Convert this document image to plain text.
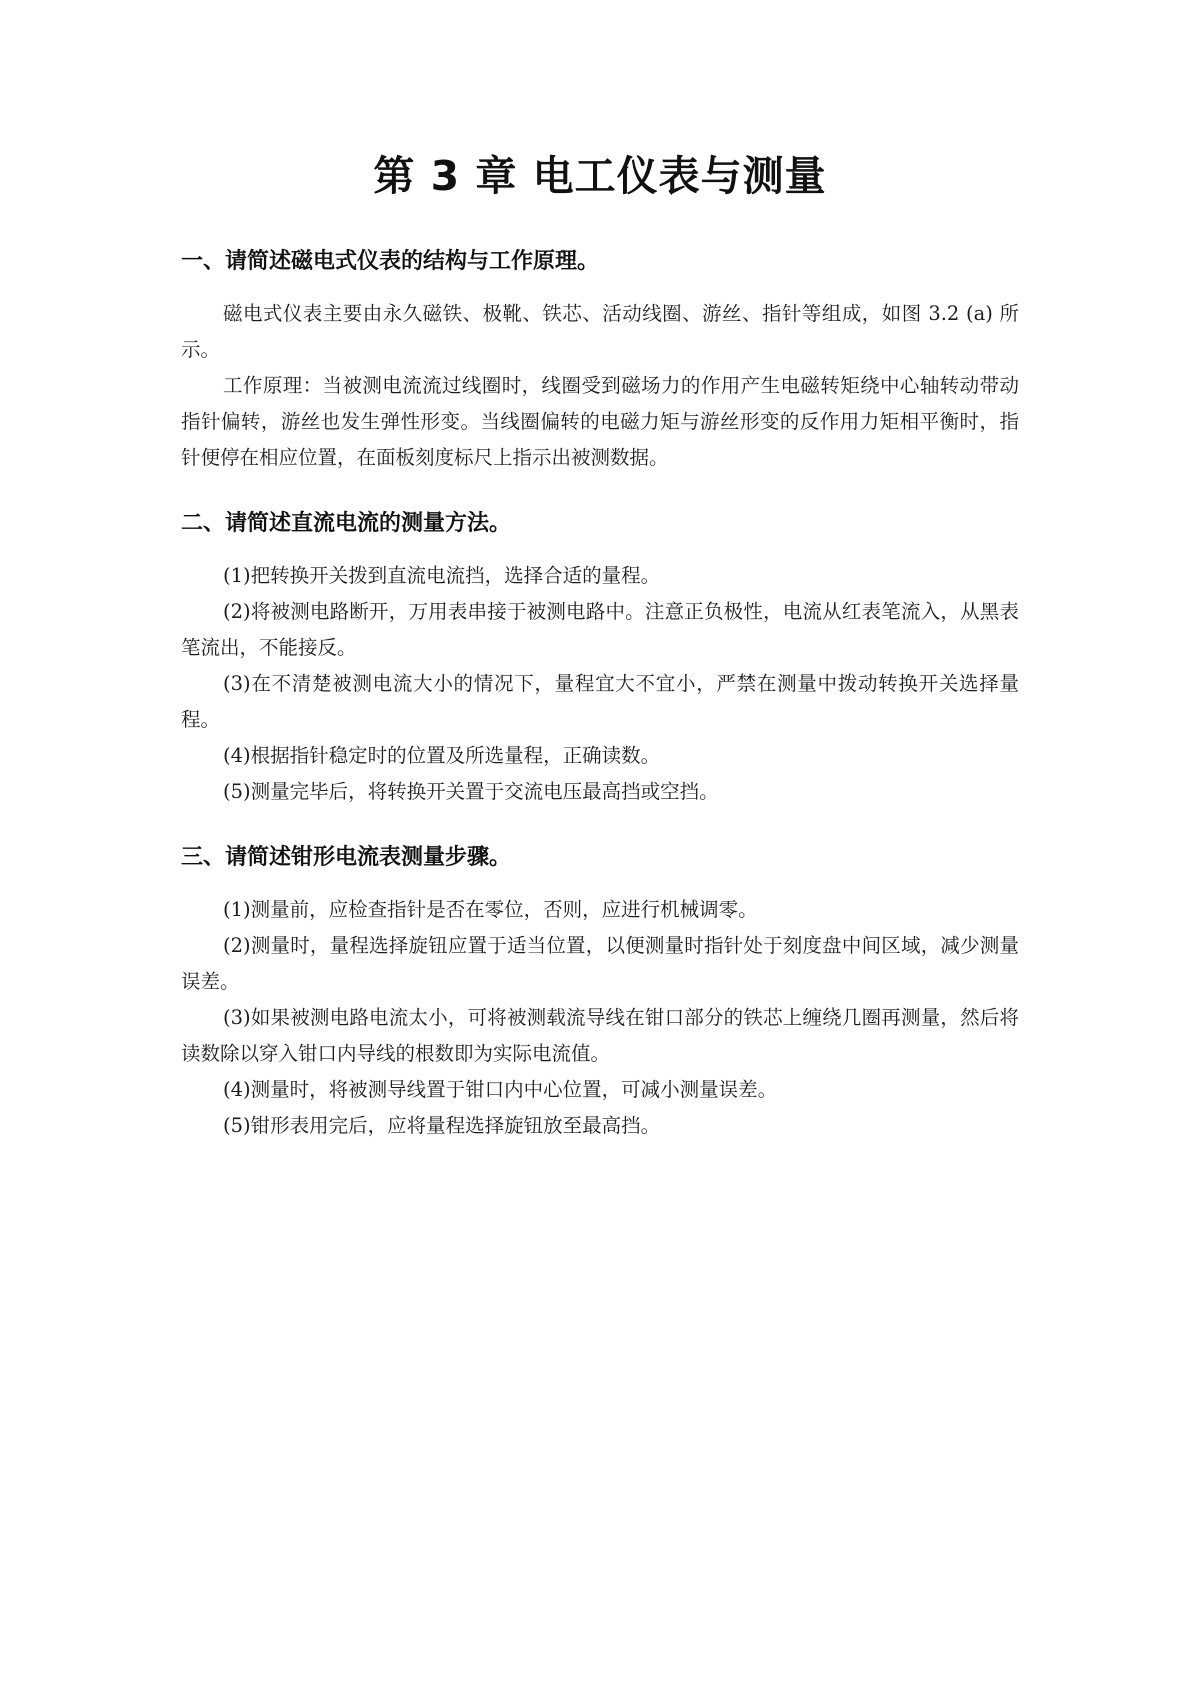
第 3 章 电工仪表与测量
一、请简述磁电式仪表的结构与工作原理。

磁电式仪表主要由永久磁铁、极靴、铁芯、活动线圈、游丝、指针等组成，如图 3.2 (a) 所示。

工作原理：当被测电流流过线圈时，线圈受到磁场力的作用产生电磁转矩绕中心轴转动带动指针偏转，游丝也发生弹性形变。当线圈偏转的电磁力矩与游丝形变的反作用力矩相平衡时，指针便停在相应位置，在面板刻度标尺上指示出被测数据。

二、请简述直流电流的测量方法。

(1)把转换开关拨到直流电流挡，选择合适的量程。

(2)将被测电路断开，万用表串接于被测电路中。注意正负极性，电流从红表笔流入，从黑表笔流出，不能接反。

(3)在不清楚被测电流大小的情况下，量程宜大不宜小，严禁在测量中拨动转换开关选择量程。

(4)根据指针稳定时的位置及所选量程，正确读数。

(5)测量完毕后，将转换开关置于交流电压最高挡或空挡。

三、请简述钳形电流表测量步骤。

(1)测量前，应检查指针是否在零位，否则，应进行机械调零。

(2)测量时，量程选择旋钮应置于适当位置，以便测量时指针处于刻度盘中间区域，减少测量误差。

(3)如果被测电路电流太小，可将被测载流导线在钳口部分的铁芯上缠绕几圈再测量，然后将读数除以穿入钳口内导线的根数即为实际电流值。

(4)测量时，将被测导线置于钳口内中心位置，可减小测量误差。

(5)钳形表用完后，应将量程选择旋钮放至最高挡。
